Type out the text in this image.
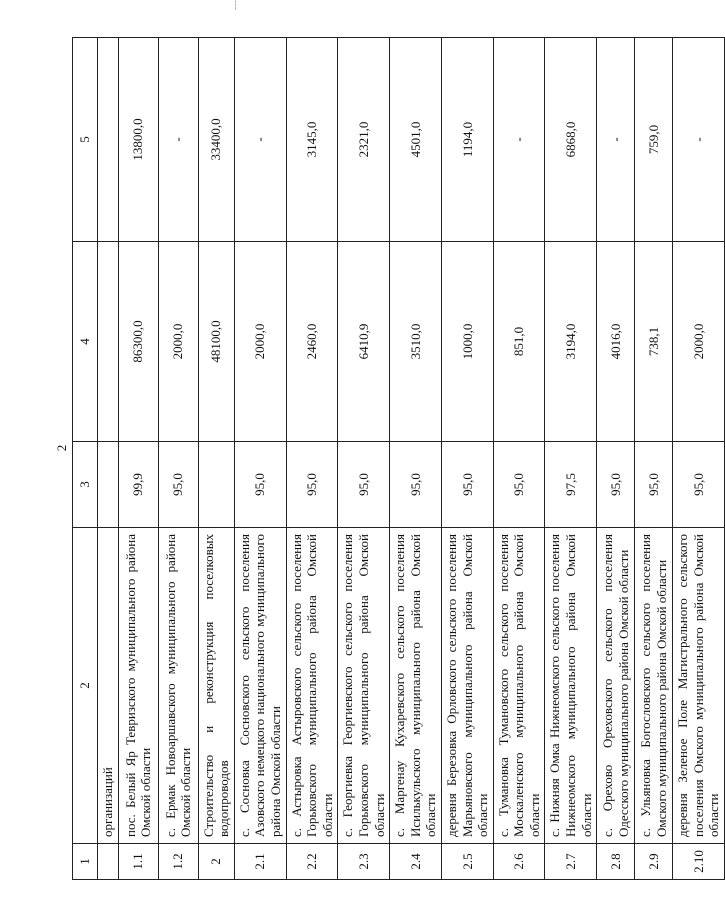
2
1	2	3	4	5
	организаций			
1.1	пос. Белый Яр Тевризского муниципального района Омской области	99,9	86300,0	13800,0
1.2	с. Ермак Новоаршавского муниципального района Омской области	95,0	2000,0	-
2	Строительство и реконструкция поселковых водопроводов		48100,0	33400,0
2.1	с. Сосновка Сосновского сельского поселения Азовского немецкого национального муниципального района Омской области	95,0	2000,0	-
2.2	с. Астыровка Астыровского сельского поселения Горьковского муниципального района Омской области	95,0	2460,0	3145,0
2.3	с. Георгиевка Георгиевского сельского поселения Горьковского муниципального района Омской области	95,0	6410,9	2321,0
2.4	с. Маргенау Кухаревского сельского поселения Исилькульского муниципального района Омской области	95,0	3510,0	4501,0
2.5	деревня Березовка Орловского сельского поселения Марьяновского муниципального района Омской области	95,0	1000,0	1194,0
2.6	с. Тумановка Тумановского сельского поселения Москаленского муниципального района Омской области	95,0	851,0	-
2.7	с. Нижняя Омка Нижнеомского сельского поселения Нижнеомского муниципального района Омской области	97,5	3194,0	6868,0
2.8	с. Орехово Ореховского сельского поселения Одесского муниципального района Омской области	95,0	4016,0	-
2.9	с. Ульяновка Богословского сельского поселения Омского муниципального района Омской области	95,0	738,1	759,0
2.10	деревня Зеленое Поле Магистрального сельского поселения Омского муниципального района Омской области	95,0	2000,0	-
